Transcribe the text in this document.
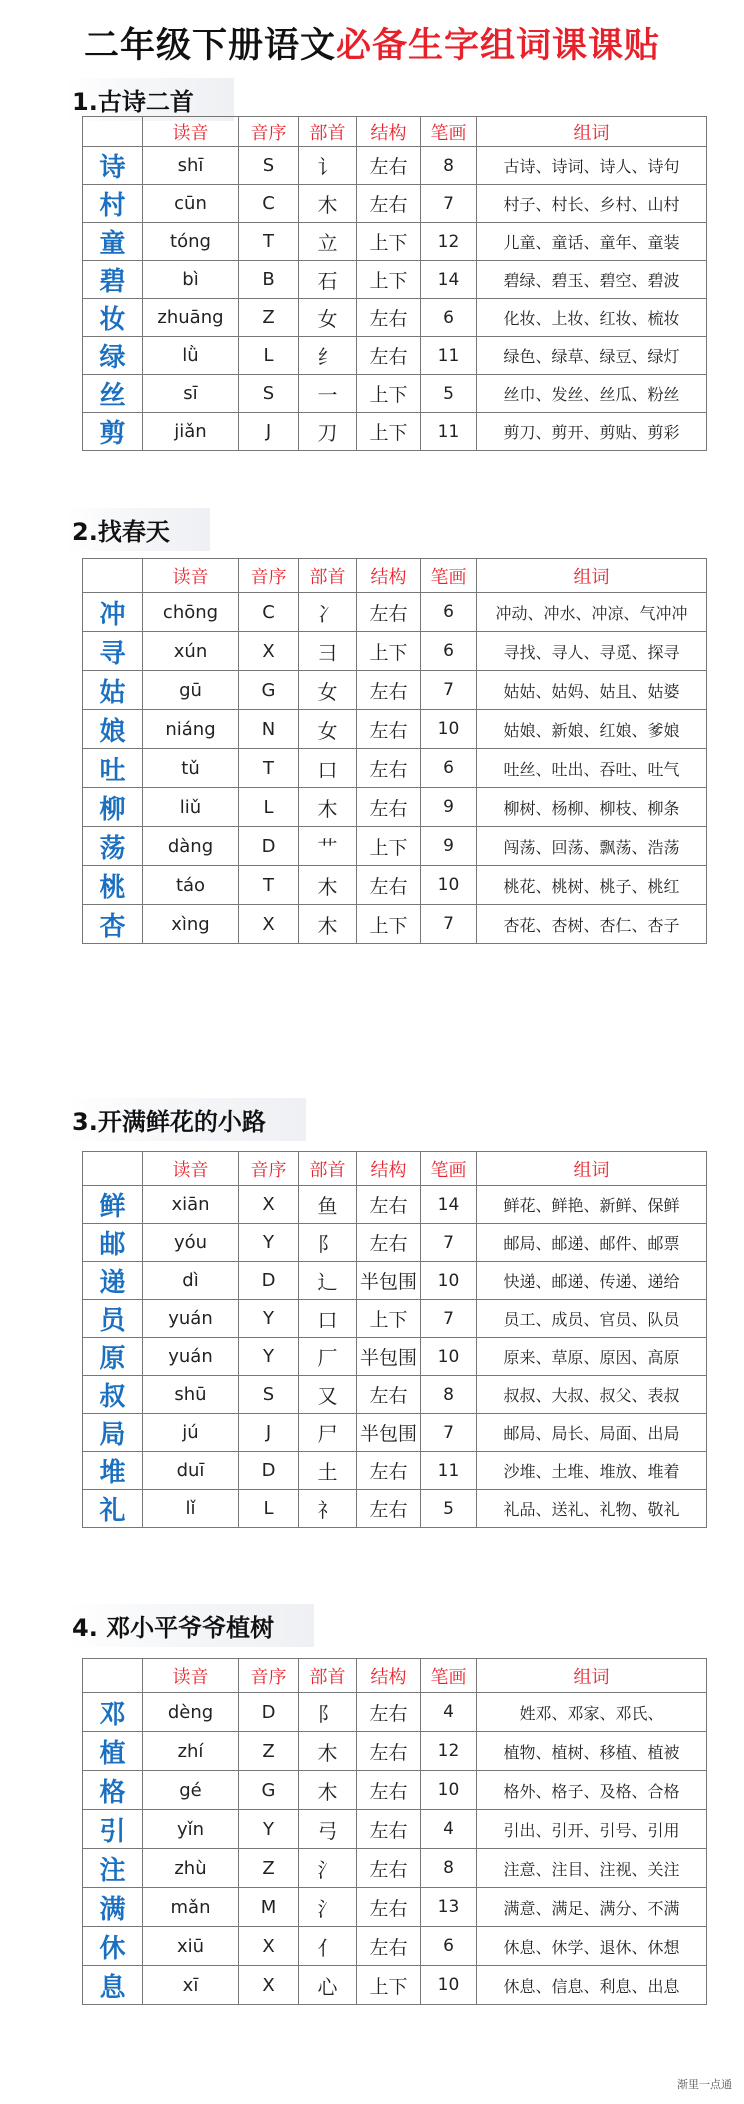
二年级下册语文必备生字组词课课贴
1.古诗二首
	读音	音序	部首	结构	笔画	组词
诗	shī	S	讠	左右	8	古诗、诗词、诗人、诗句
村	cūn	C	木	左右	7	村子、村长、乡村、山村
童	tóng	T	立	上下	12	儿童、童话、童年、童装
碧	bì	B	石	上下	14	碧绿、碧玉、碧空、碧波
妆	zhuāng	Z	女	左右	6	化妆、上妆、红妆、梳妆
绿	lǜ	L	纟	左右	11	绿色、绿草、绿豆、绿灯
丝	sī	S	一	上下	5	丝巾、发丝、丝瓜、粉丝
剪	jiǎn	J	刀	上下	11	剪刀、剪开、剪贴、剪彩
2.找春天
	读音	音序	部首	结构	笔画	组词
冲	chōng	C	冫	左右	6	冲动、冲水、冲凉、气冲冲
寻	xún	X	彐	上下	6	寻找、寻人、寻觅、探寻
姑	gū	G	女	左右	7	姑姑、姑妈、姑且、姑婆
娘	niáng	N	女	左右	10	姑娘、新娘、红娘、爹娘
吐	tǔ	T	口	左右	6	吐丝、吐出、吞吐、吐气
柳	liǔ	L	木	左右	9	柳树、杨柳、柳枝、柳条
荡	dàng	D	艹	上下	9	闯荡、回荡、飘荡、浩荡
桃	táo	T	木	左右	10	桃花、桃树、桃子、桃红
杏	xìng	X	木	上下	7	杏花、杏树、杏仁、杏子
3.开满鲜花的小路
	读音	音序	部首	结构	笔画	组词
鲜	xiān	X	鱼	左右	14	鲜花、鲜艳、新鲜、保鲜
邮	yóu	Y	阝	左右	7	邮局、邮递、邮件、邮票
递	dì	D	辶	半包围	10	快递、邮递、传递、递给
员	yuán	Y	口	上下	7	员工、成员、官员、队员
原	yuán	Y	厂	半包围	10	原来、草原、原因、高原
叔	shū	S	又	左右	8	叔叔、大叔、叔父、表叔
局	jú	J	尸	半包围	7	邮局、局长、局面、出局
堆	duī	D	土	左右	11	沙堆、土堆、堆放、堆着
礼	lǐ	L	礻	左右	5	礼品、送礼、礼物、敬礼
4. 邓小平爷爷植树
	读音	音序	部首	结构	笔画	组词
邓	dèng	D	阝	左右	4	姓邓、邓家、邓氏、
植	zhí	Z	木	左右	12	植物、植树、移植、植被
格	gé	G	木	左右	10	格外、格子、及格、合格
引	yǐn	Y	弓	左右	4	引出、引开、引号、引用
注	zhù	Z	氵	左右	8	注意、注目、注视、关注
满	mǎn	M	氵	左右	13	满意、满足、满分、不满
休	xiū	X	亻	左右	6	休息、休学、退休、休想
息	xī	X	心	上下	10	休息、信息、利息、出息
渐里一点通
